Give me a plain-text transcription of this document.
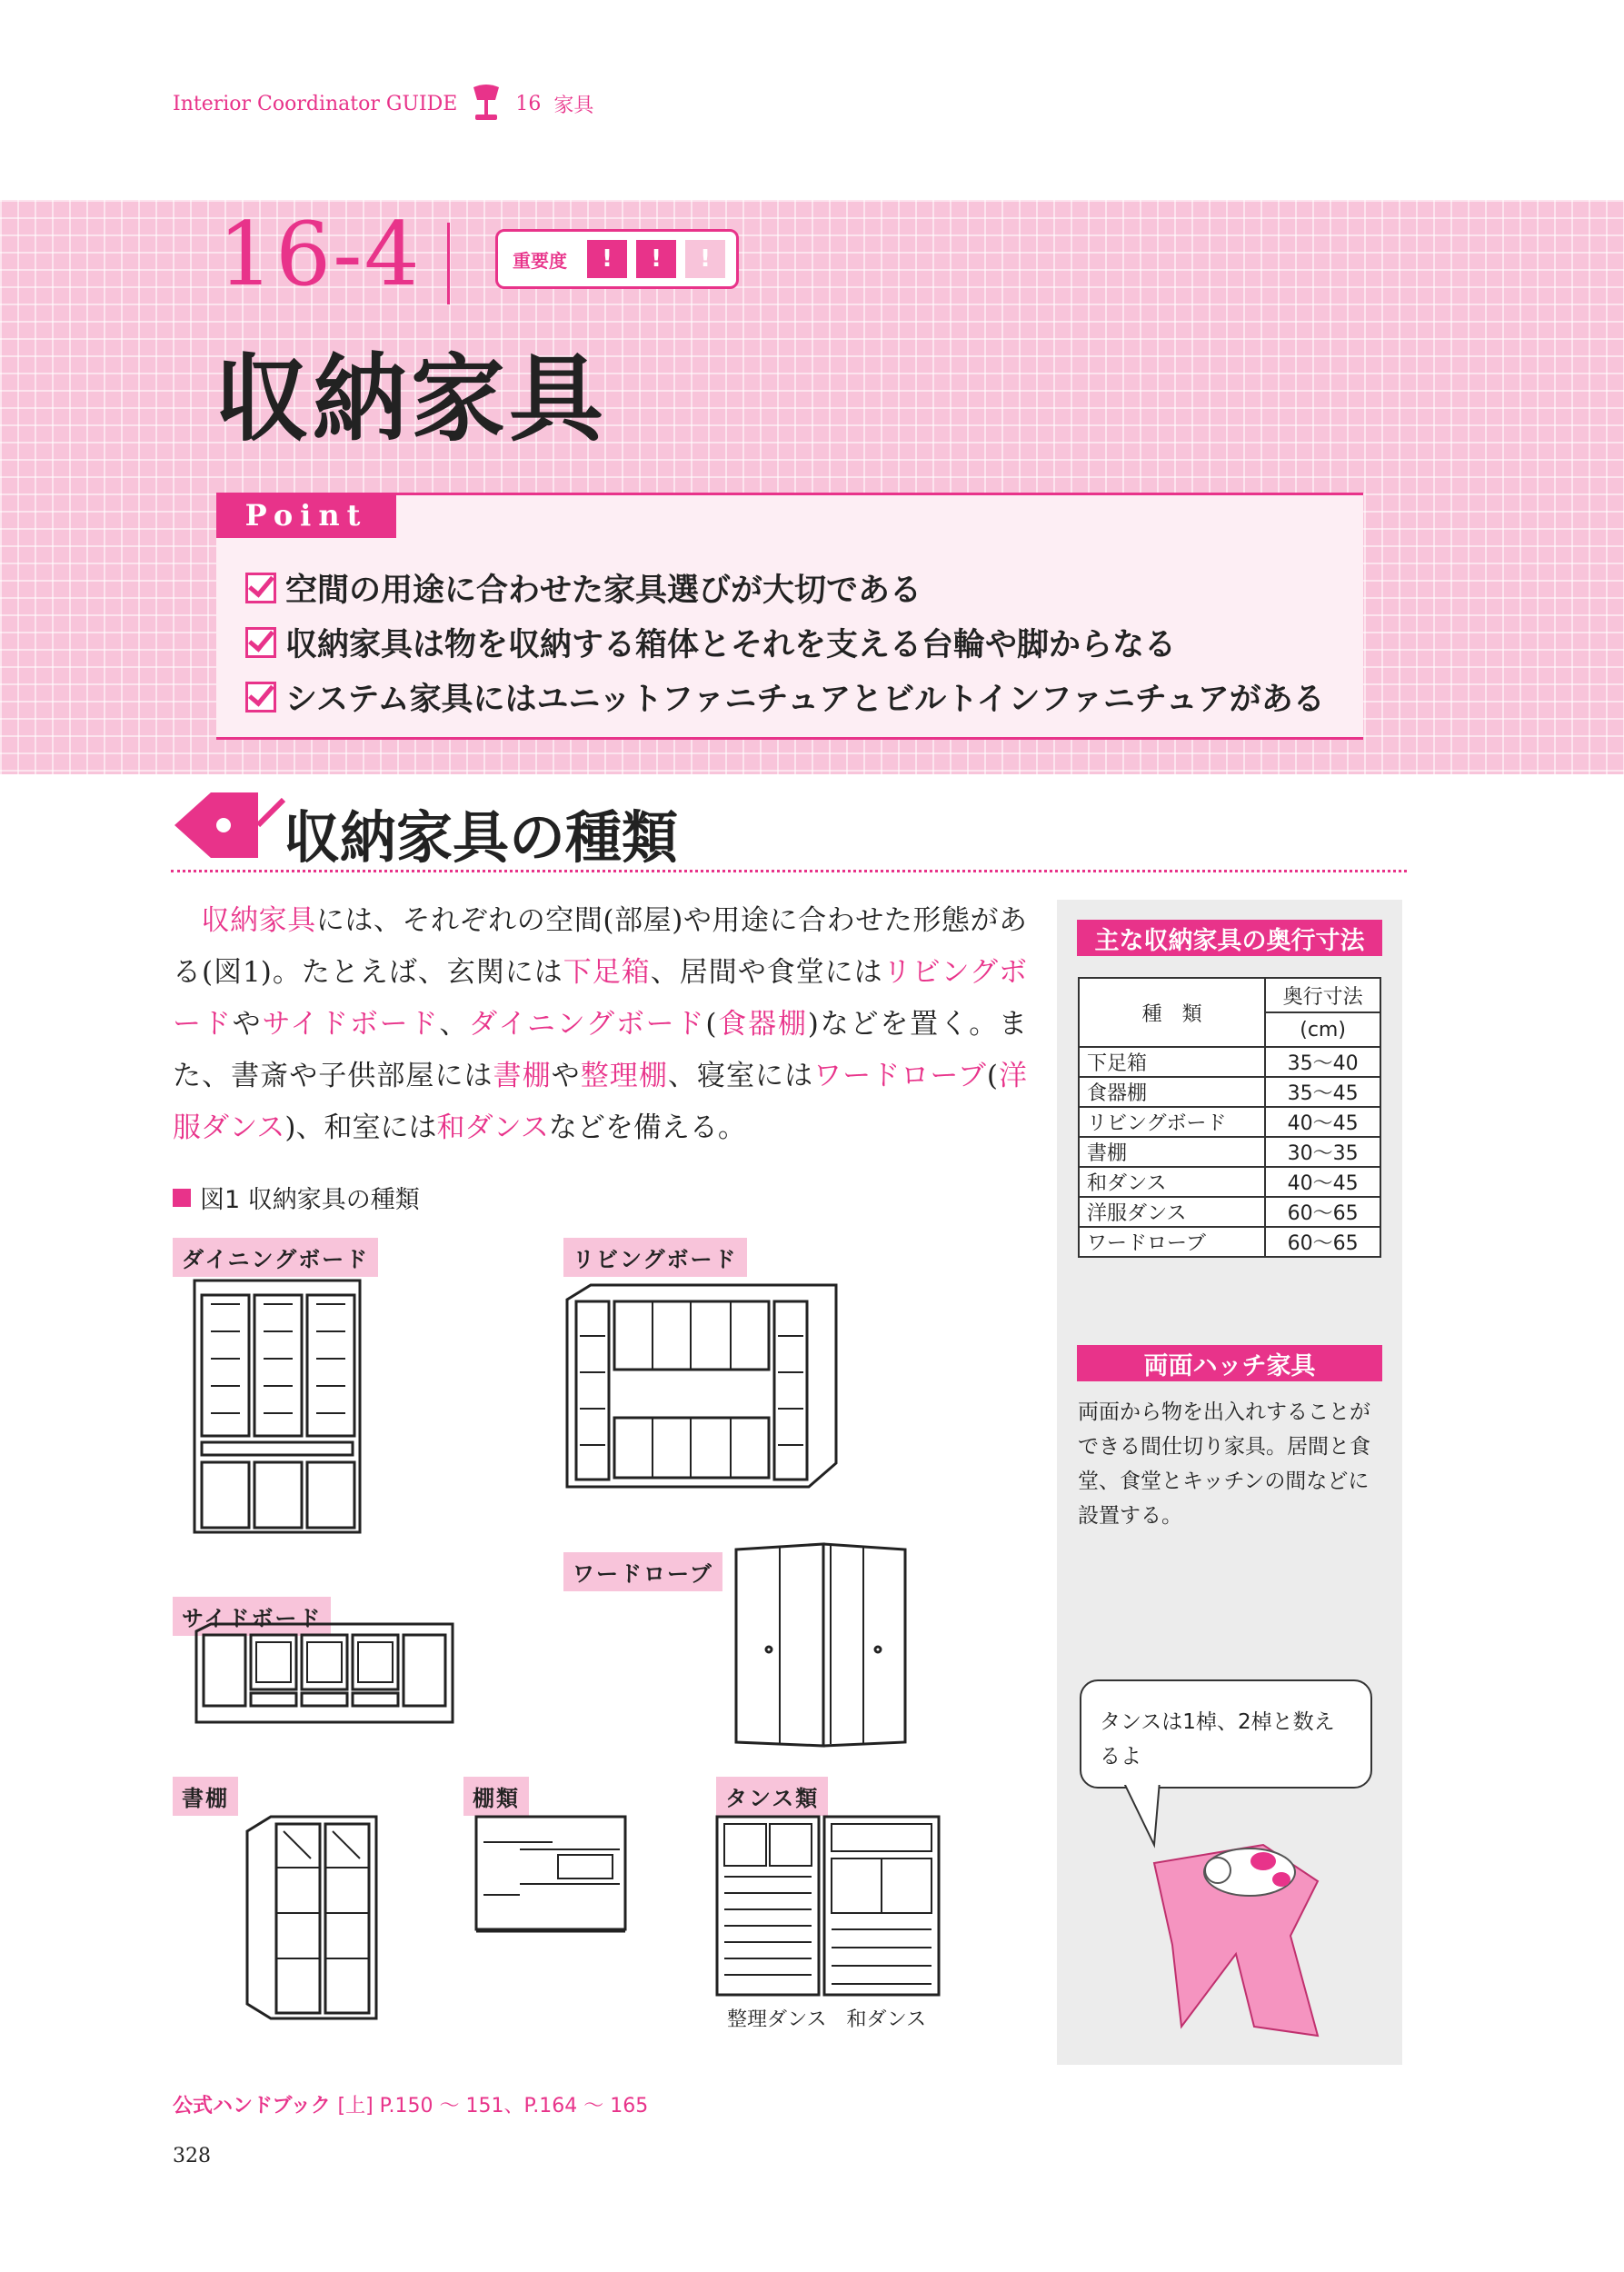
Interior Coordinator GUIDE	16 家具
16-4	重要度	!	!	!
収納家具
Point
空間の用途に合わせた家具選びが大切である
収納家具は物を収納する箱体とそれを支える台輪や脚からなる
システム家具にはユニットファニチュアとビルトインファニチュアがある
収納家具の種類
収納家具には、それぞれの空間(部屋)や用途に合わせた形態がある(図1)。たとえば、玄関には下足箱、居間や食堂にはリビングボードやサイドボード、ダイニングボード(食器棚)などを置く。また、書斎や子供部屋には書棚や整理棚、寝室にはワードローブ(洋服ダンス)、和室には和ダンスなどを備える。
図1 収納家具の種類
ダイニングボード	リビングボード
ワードローブ
サイドボード
書棚	棚類	タンス類
整理ダンス　和ダンス
主な収納家具の奥行寸法
種　類	奥行寸法
	(cm)
下足箱	35～40
食器棚	35～45
リビングボード	40～45
書棚	30～35
和ダンス	40～45
洋服ダンス	60～65
ワードローブ	60～65
両面ハッチ家具
両面から物を出入れすることができる間仕切り家具。居間と食堂、食堂とキッチンの間などに設置する。
タンスは1棹、2棹と数えるよ
公式ハンドブック [上] P.150 ～ 151、P.164 ～ 165
328
